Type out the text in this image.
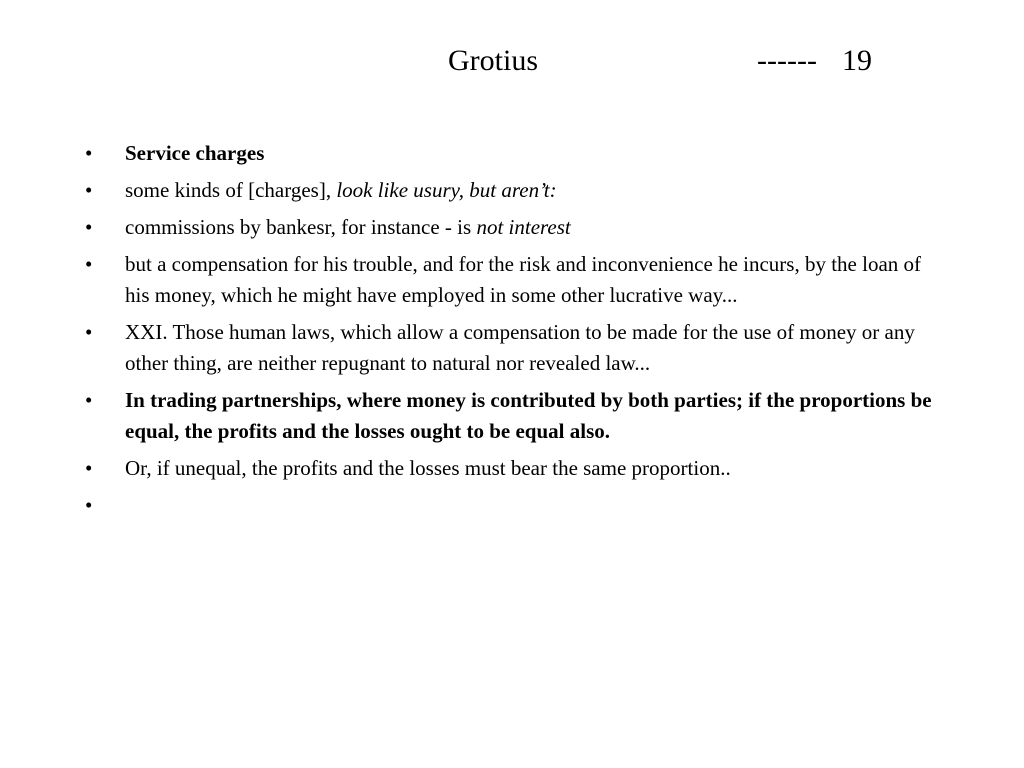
Grotius

	------

19

• Service charges
• some kinds of [charges], look like usury, but aren’t:
• commissions by bankesr, for instance - is not interest
• but a compensation for his trouble, and for the risk and inconvenience he incurs, by the loan of his money, which he might have employed in some other lucrative way...
• XXI. Those human laws, which allow a compensation to be made for the use of money or any other thing, are neither repugnant to natural nor revealed law...
• In trading partnerships, where money is contributed by both parties; if the proportions be equal, the profits and the losses ought to be equal also.
• Or, if unequal, the profits and the losses must bear the same proportion..
•
